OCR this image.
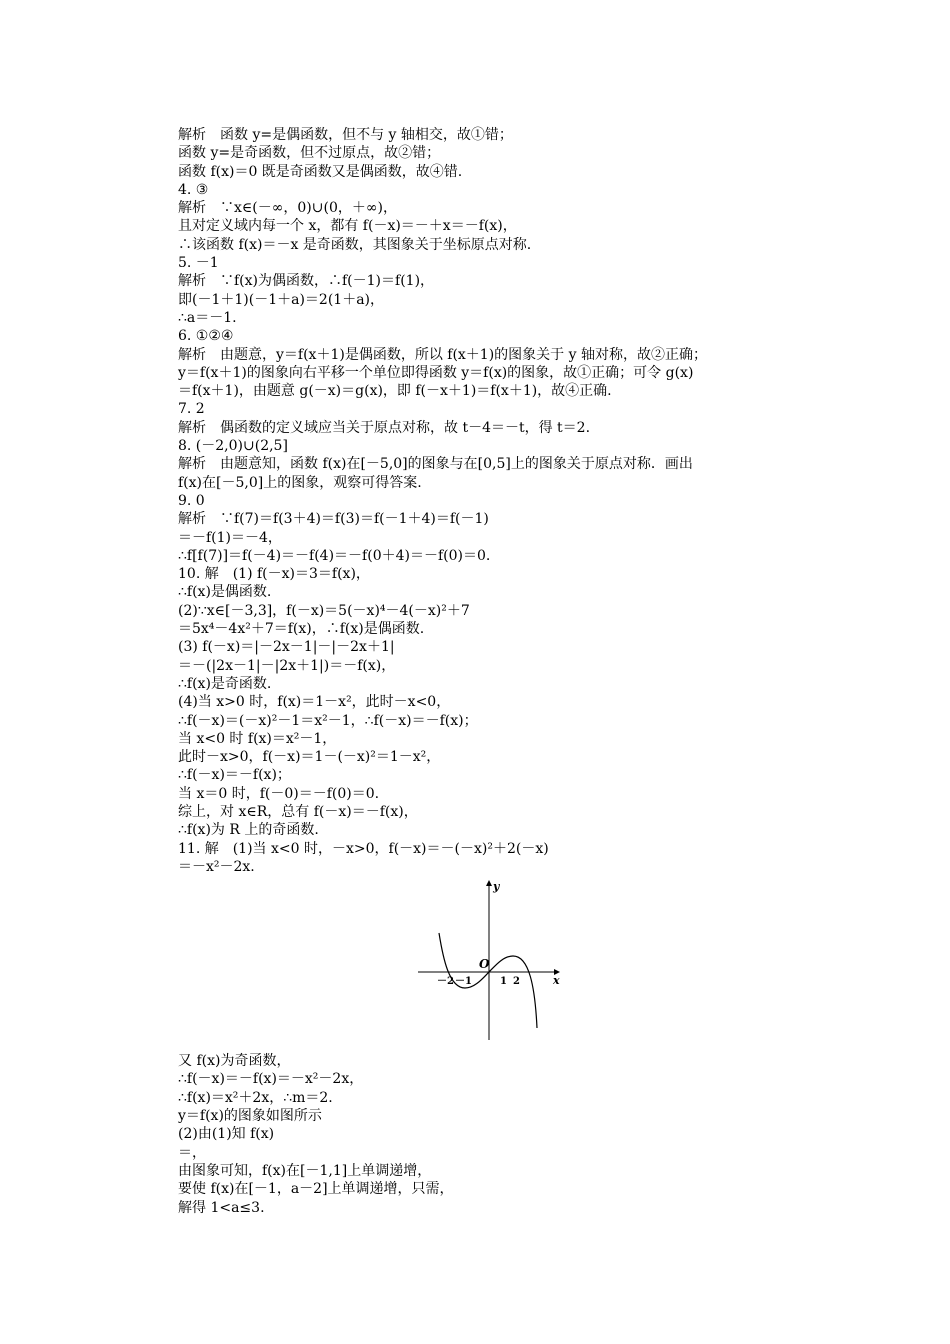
解析　函数 y=是偶函数，但不与 y 轴相交，故①错；

函数 y=是奇函数，但不过原点，故②错；

函数 f(x)＝0 既是奇函数又是偶函数，故④错.

4. ③

解析　∵x∈(－∞，0)∪(0，＋∞)，

且对定义域内每一个 x，都有 f(－x)＝－＋x＝－f(x)，

∴该函数 f(x)＝－x 是奇函数，其图象关于坐标原点对称.

5. －1

解析　∵f(x)为偶函数，∴f(－1)＝f(1)，

即(－1＋1)(－1＋a)＝2(1＋a)，

∴a＝－1.

6. ①②④

解析　由题意，y＝f(x＋1)是偶函数，所以 f(x＋1)的图象关于 y 轴对称，故②正确；

y＝f(x＋1)的图象向右平移一个单位即得函数 y＝f(x)的图象，故①正确；可令 g(x)

＝f(x＋1)，由题意 g(－x)＝g(x)，即 f(－x＋1)＝f(x＋1)，故④正确.

7. 2

解析　偶函数的定义域应当关于原点对称，故 t－4＝－t，得 t＝2.

8. (－2,0)∪(2,5]

解析　由题意知，函数 f(x)在[－5,0]的图象与在[0,5]上的图象关于原点对称．画出

f(x)在[－5,0]上的图象，观察可得答案.

9. 0

解析　∵f(7)＝f(3＋4)＝f(3)＝f(－1＋4)＝f(－1)

＝－f(1)＝－4，

∴f[f(7)]＝f(－4)＝－f(4)＝－f(0＋4)＝－f(0)＝0.

10. 解　(1) f(－x)＝3＝f(x)，

∴f(x)是偶函数.

(2)∵x∈[－3,3]，f(－x)＝5(－x)⁴－4(－x)²＋7

＝5x⁴－4x²＋7＝f(x)，∴f(x)是偶函数.

(3) f(－x)＝|－2x－1|－|－2x＋1|

＝－(|2x－1|－|2x＋1|)＝－f(x)，

∴f(x)是奇函数.

(4)当 x>0 时，f(x)＝1－x²，此时－x<0，

∴f(－x)＝(－x)²－1＝x²－1，∴f(－x)＝－f(x)；

当 x<0 时 f(x)＝x²－1，

此时－x>0，f(－x)＝1－(－x)²＝1－x²，

∴f(－x)＝－f(x)；

当 x＝0 时，f(－0)＝－f(0)＝0.

综上，对 x∈R，总有 f(－x)＝－f(x)，

∴f(x)为 R 上的奇函数.

11. 解　(1)当 x<0 时，－x>0，f(－x)＝－(－x)²＋2(－x)

＝－x²－2x.

y
x
O
－2 －1	1 2

又 f(x)为奇函数，

∴f(－x)＝－f(x)＝－x²－2x，

∴f(x)＝x²＋2x，∴m＝2.

y＝f(x)的图象如图所示

(2)由(1)知 f(x)

＝，

由图象可知，f(x)在[－1,1]上单调递增，

要使 f(x)在[－1，a－2]上单调递增，只需，

解得 1<a≤3.
